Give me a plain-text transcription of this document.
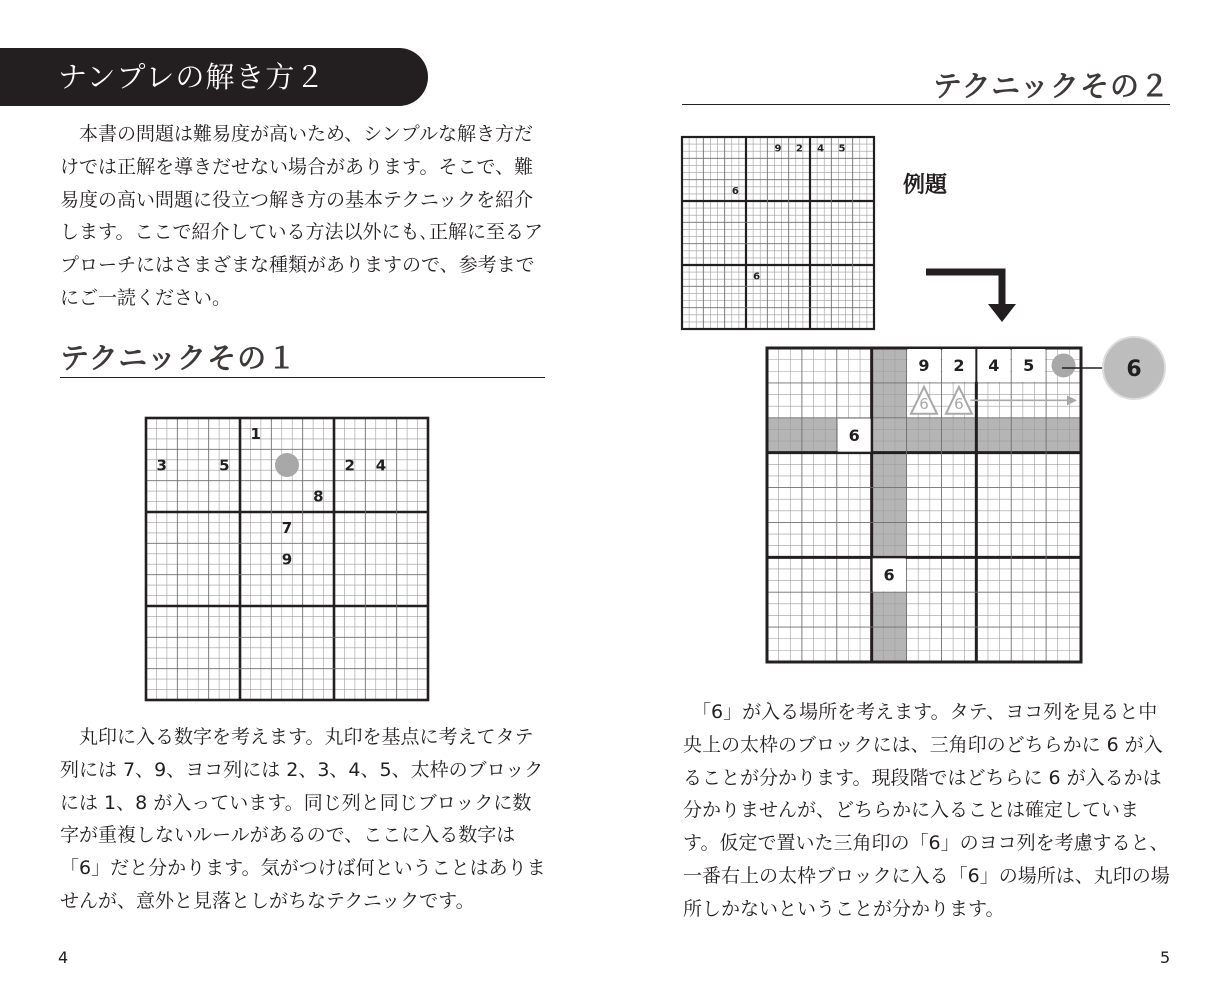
ナンプレの解き方２

本書の問題は難易度が高いため、シンプルな解き方だけでは正解を導きだせない場合があります。そこで、難易度の高い問題に役立つ解き方の基本テクニックを紹介します。ここで紹介している方法以外にも､正解に至るアプローチにはさまざまな種類がありますので、参考までにご一読ください。

テクニックその１
1
3	5	2 4
8
7
9

丸印に入る数字を考えます。丸印を基点に考えてタテ列には 7、9、ヨコ列には 2、3、4、5、太枠のブロックには 1、8 が入っています。同じ列と同じブロックに数字が重複しないルールがあるので、ここに入る数字は「6」だと分かります。気がつけば何ということはありませんが、意外と見落としがちなテクニックです。

4
テクニックその２
9 2 4 5
6
6
例題
9 2 4 5
6
6
6 6
6

「6」が入る場所を考えます。タテ、ヨコ列を見ると中央上の太枠のブロックには、三角印のどちらかに 6 が入ることが分かります。現段階ではどちらに 6 が入るかは分かりませんが、どちらかに入ることは確定しています。仮定で置いた三角印の「6」のヨコ列を考慮すると、一番右上の太枠ブロックに入る「6」の場所は、丸印の場所しかないということが分かります。

5
